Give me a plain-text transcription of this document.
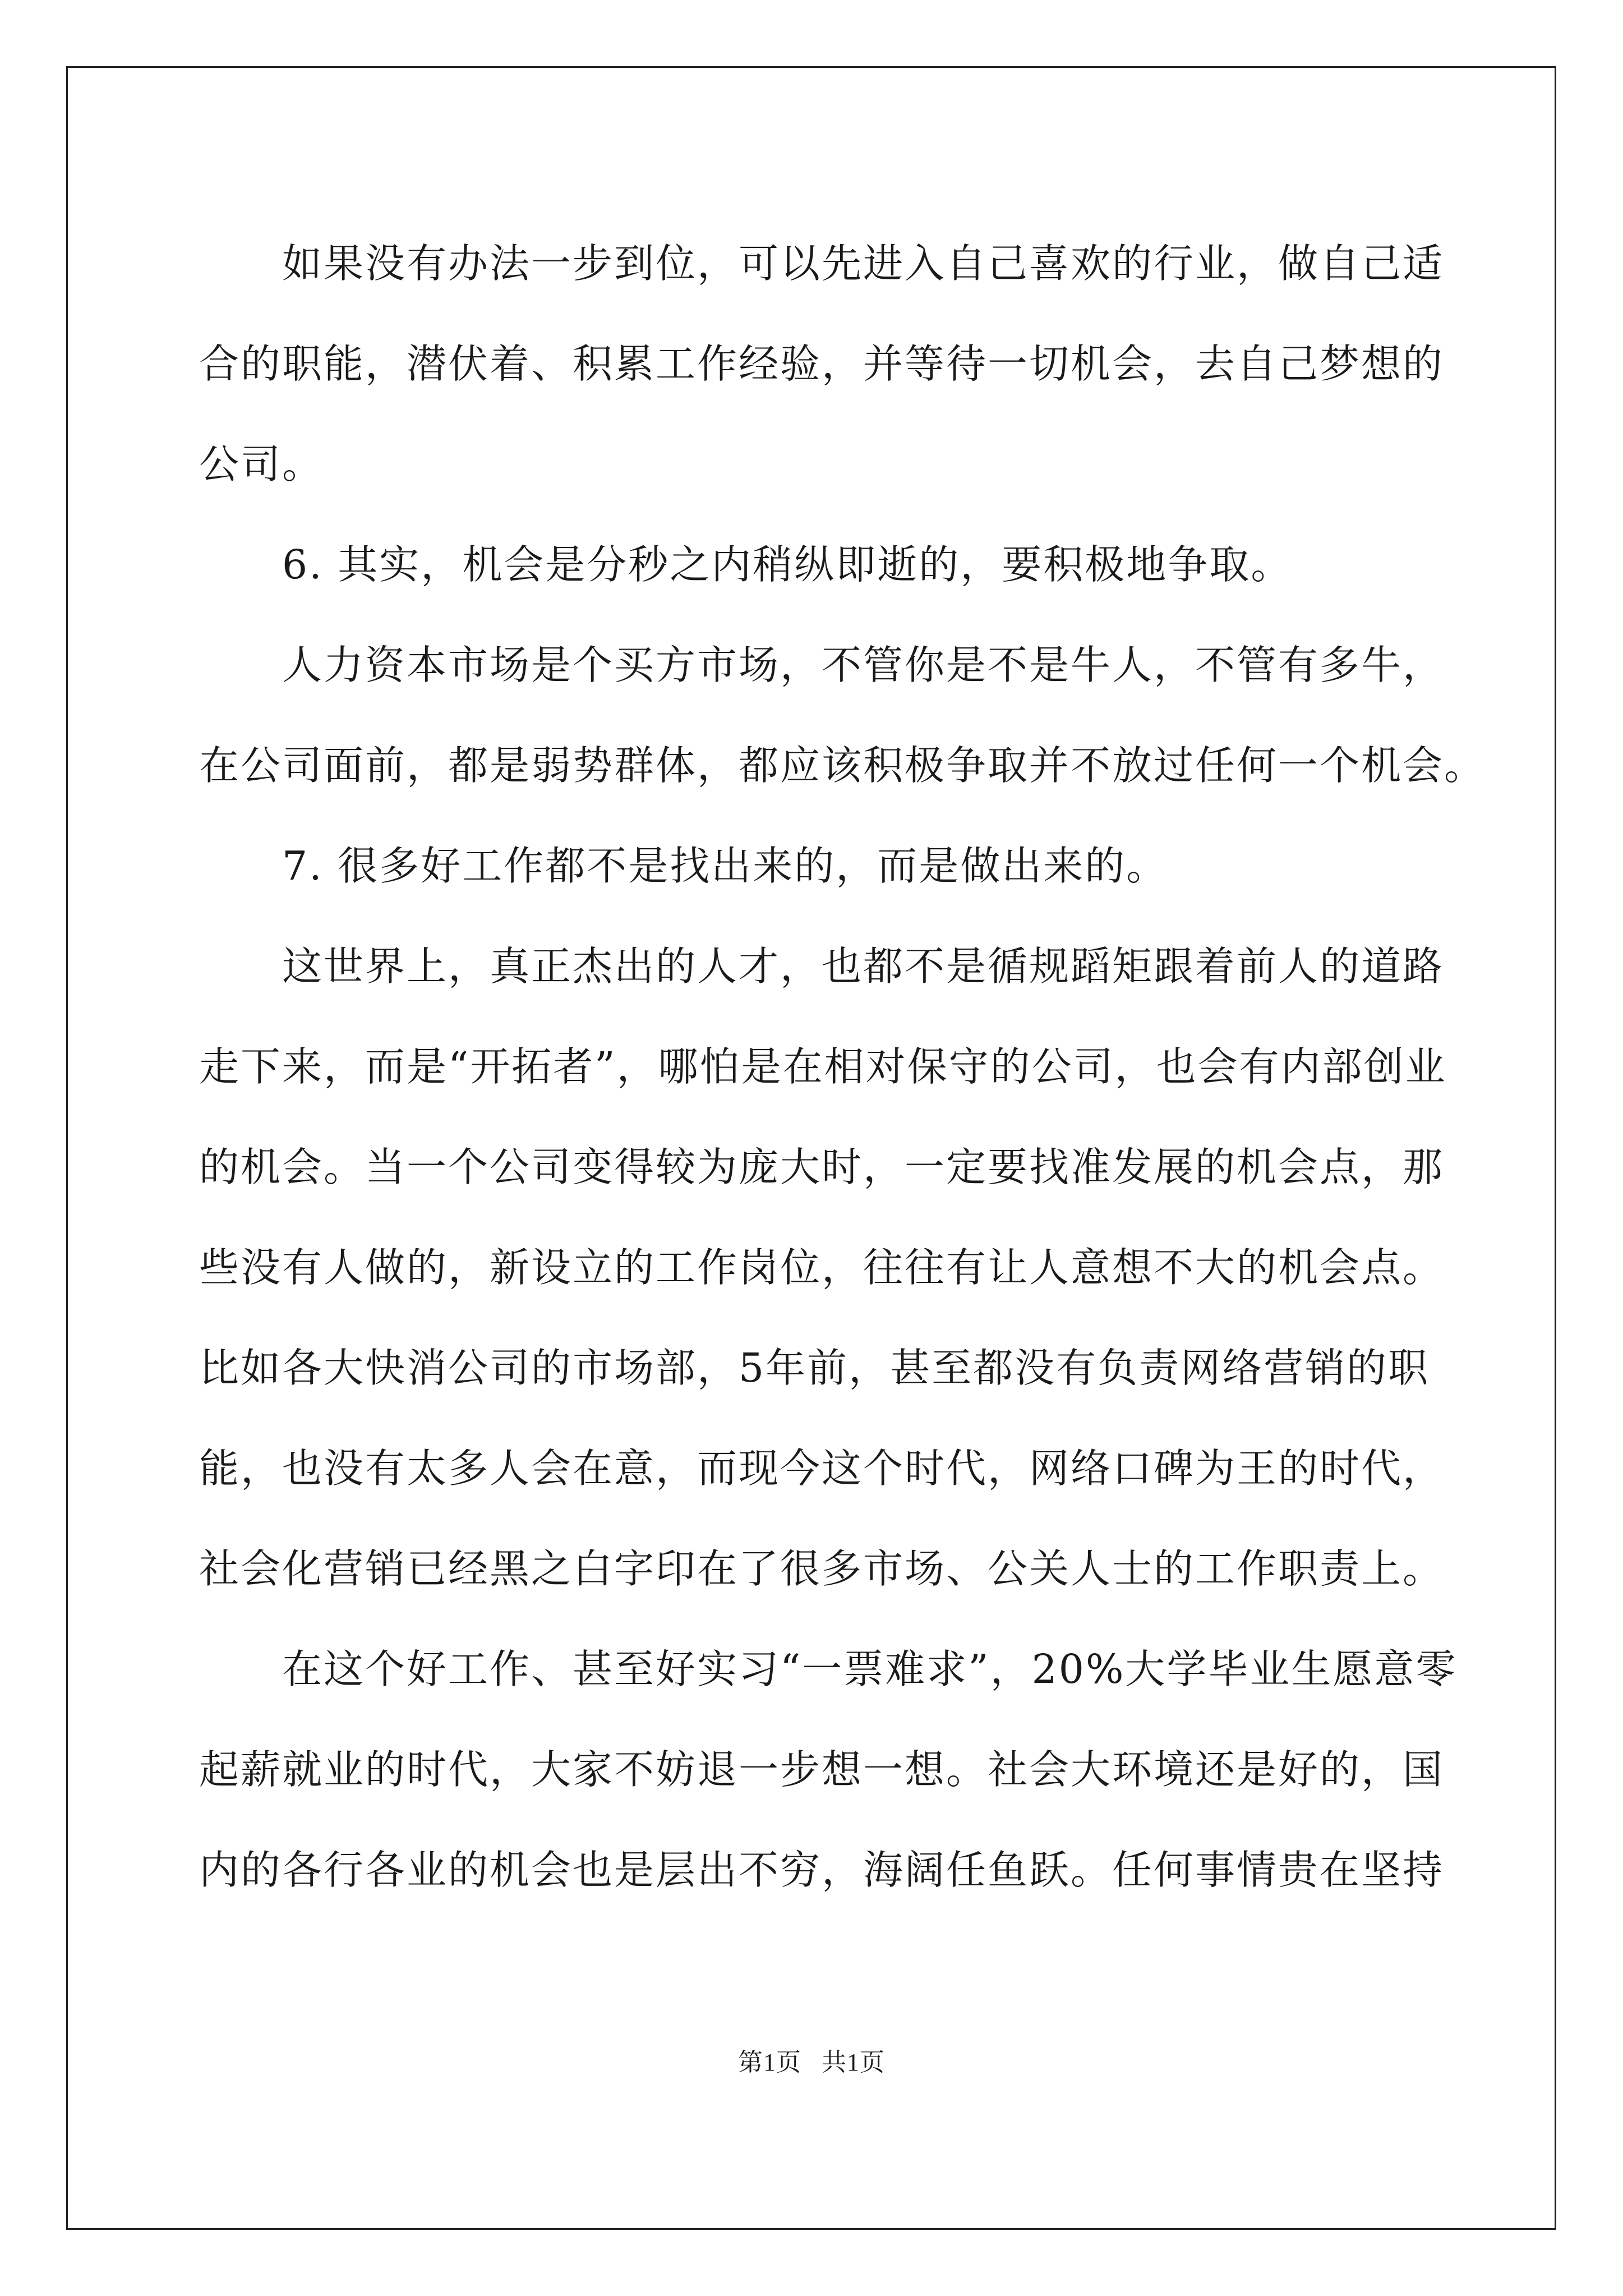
　　如果没有办法一步到位，可以先进入自己喜欢的行业，做自己适
合的职能，潜伏着、积累工作经验，并等待一切机会，去自己梦想的
公司。
　　6. 其实，机会是分秒之内稍纵即逝的，要积极地争取。
　　人力资本市场是个买方市场，不管你是不是牛人，不管有多牛，
在公司面前，都是弱势群体，都应该积极争取并不放过任何一个机会。
　　7. 很多好工作都不是找出来的，而是做出来的。
　　这世界上，真正杰出的人才，也都不是循规蹈矩跟着前人的道路
走下来，而是“开拓者”，哪怕是在相对保守的公司，也会有内部创业
的机会。当一个公司变得较为庞大时，一定要找准发展的机会点，那
些没有人做的，新设立的工作岗位，往往有让人意想不大的机会点。
比如各大快消公司的市场部，5年前，甚至都没有负责网络营销的职
能，也没有太多人会在意，而现今这个时代，网络口碑为王的时代，
社会化营销已经黑之白字印在了很多市场、公关人士的工作职责上。
　　在这个好工作、甚至好实习“一票难求”，20%大学毕业生愿意零
起薪就业的时代，大家不妨退一步想一想。社会大环境还是好的，国
内的各行各业的机会也是层出不穷，海阔任鱼跃。任何事情贵在坚持
第1页 共1页
